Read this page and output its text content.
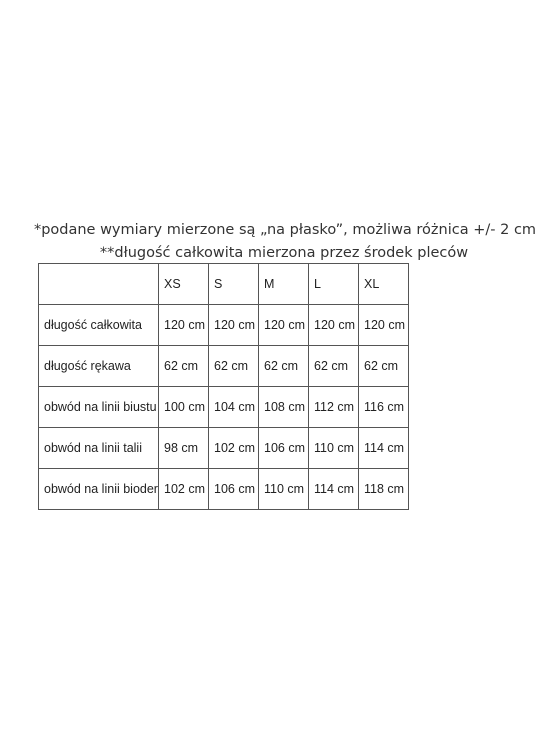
*podane wymiary mierzone są „na płasko”, możliwa różnica +/- 2 cm
**długość całkowita mierzona przez środek pleców
	XS	S	M	L	XL
długość całkowita	120 cm	120 cm	120 cm	120 cm	120 cm
długość rękawa	62 cm	62 cm	62 cm	62 cm	62 cm
obwód na linii biustu	100 cm	104 cm	108 cm	112 cm	116 cm
obwód na linii talii	98 cm	102 cm	106 cm	110 cm	114 cm
obwód na linii bioder	102 cm	106 cm	110 cm	114 cm	118 cm
